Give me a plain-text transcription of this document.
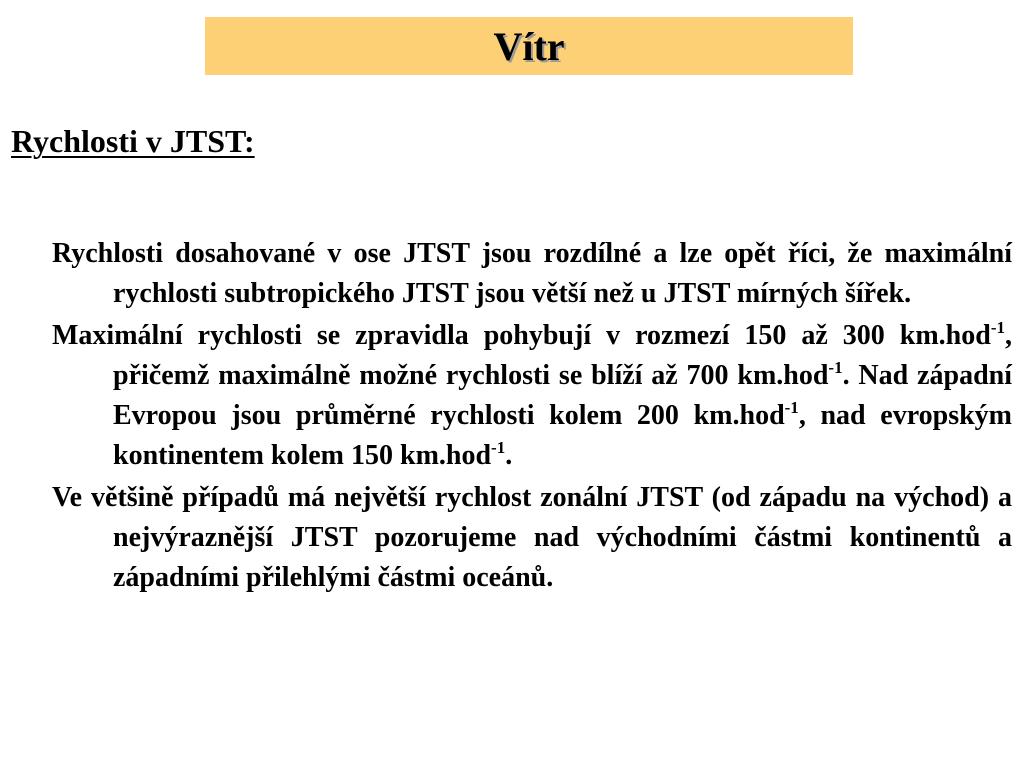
Vítr
Rychlosti v JTST:

Rychlosti dosahované v ose JTST jsou rozdílné a lze opět říci, že maximální rychlosti subtropického JTST jsou větší než u JTST mírných šířek.

Maximální rychlosti se zpravidla pohybují v rozmezí 150 až 300 km.hod$^{-1}$, přičemž maximálně možné rychlosti se blíží až 700 km.hod$^{-1}$. Nad západní Evropou jsou průměrné rychlosti kolem 200 km.hod$^{-1}$, nad evropským kontinentem kolem 150 km.hod$^{-1}$.

Ve většině případů má největší rychlost zonální JTST (od západu na východ) a nejvýraznější JTST pozorujeme nad východními částmi kontinentů a západními přilehlými částmi oceánů.
